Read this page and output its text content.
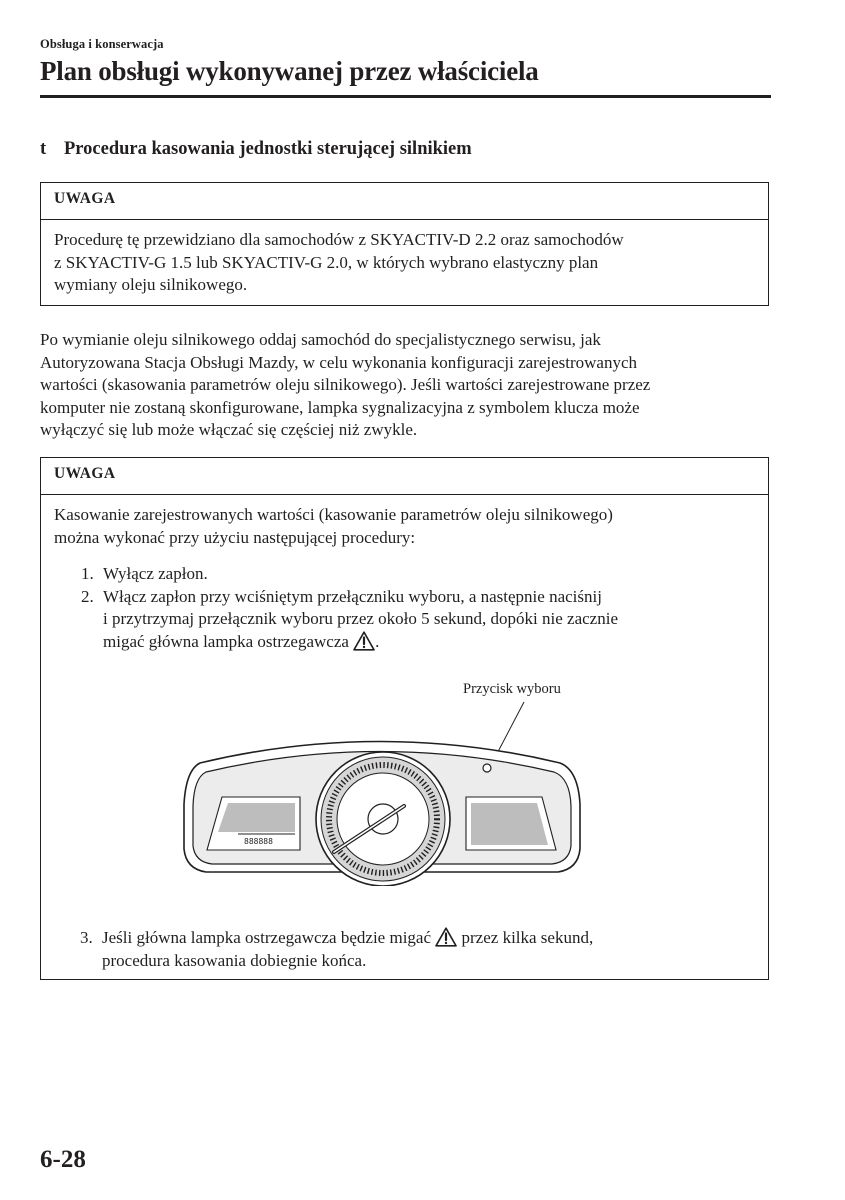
Obsługa i konserwacja
Plan obsługi wykonywanej przez właściciela
t Procedura kasowania jednostki sterującej silnikiem
UWAGA

Procedurę tę przewidziano dla samochodów z SKYACTIV-D 2.2 oraz samochodów

z SKYACTIV-G 1.5 lub SKYACTIV-G 2.0, w których wybrano elastyczny plan

wymiany oleju silnikowego.

Po wymianie oleju silnikowego oddaj samochód do specjalistycznego serwisu, jak

Autoryzowana Stacja Obsługi Mazdy, w celu wykonania konfiguracji zarejestrowanych

wartości (skasowania parametrów oleju silnikowego). Jeśli wartości zarejestrowane przez

komputer nie zostaną skonfigurowane, lampka sygnalizacyjna z symbolem klucza może

wyłączyć się lub może włączać się częściej niż zwykle.

UWAGA

Kasowanie zarejestrowanych wartości (kasowanie parametrów oleju silnikowego)

można wykonać przy użyciu następującej procedury:

1. Wyłącz zapłon.
2. Włącz zapłon przy wciśniętym przełączniku wyboru, a następnie naciśnij
i przytrzymaj przełącznik wyboru przez około 5 sekund, dopóki nie zacznie
migać główna lampka ostrzegawcza .
888888
Przycisk wyboru
3. Jeśli główna lampka ostrzegawcza będzie migać  przez kilka sekund,
procedura kasowania dobiegnie końca.
6-28
